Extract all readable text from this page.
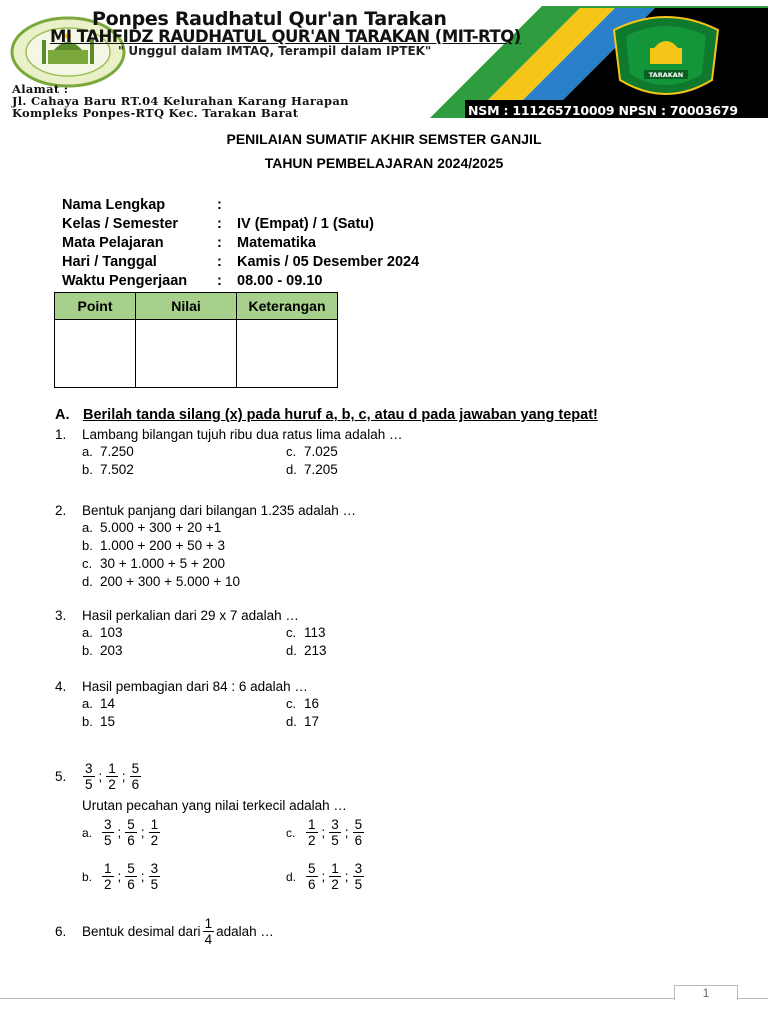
Ponpes Raudhatul Qur'an Tarakan
MI TAHFIDZ RAUDHATUL QUR'AN TARAKAN (MIT-RTQ)
" Unggul dalam IMTAQ, Terampil dalam IPTEK"
Alamat :
Jl. Cahaya Baru RT.04 Kelurahan Karang Harapan
Kompleks Ponpes-RTQ Kec. Tarakan Barat	NSM : 111265710009 NPSN : 70003679
TARAKAN
PENILAIAN SUMATIF AKHIR SEMSTER GANJIL
TAHUN PEMBELAJARAN 2024/2025
Nama Lengkap	:
Kelas / Semester	: IV (Empat) / 1 (Satu)
Mata Pelajaran	: Matematika
Hari / Tanggal	: Kamis / 05 Desember 2024
Waktu Pengerjaan	: 08.00 - 09.10
Point	Nilai	Keterangan

A. Berilah tanda silang (x) pada huruf a, b, c, atau d pada jawaban yang tepat!
1. Lambang bilangan tujuh ribu dua ratus lima adalah …
a. 7.250	c. 7.025
b. 7.502	d. 7.205
2. Bentuk panjang dari bilangan 1.235 adalah …
a. 5.000 + 300 + 20 +1
b. 1.000 + 200 + 50 + 3
c. 30 + 1.000 + 5 + 200
d. 200 + 300 + 5.000 + 10
3. Hasil perkalian dari 29 x 7 adalah …
a. 103	c. 113
b. 203	d. 213
4. Hasil pembagian dari 84 : 6 adalah …
a. 14	c. 16
b. 15	d. 17
5. $\frac{3}{5}$ ; $\frac{1}{2}$ ; $\frac{5}{6}$
Urutan pecahan yang nilai terkecil adalah …
a. $\frac{3}{5}$ ; $\frac{5}{6}$ ; $\frac{1}{2}$
b. $\frac{1}{2}$ ; $\frac{5}{6}$ ; $\frac{3}{5}$
c. $\frac{1}{2}$ ; $\frac{3}{5}$ ; $\frac{5}{6}$
d. $\frac{5}{6}$ ; $\frac{1}{2}$ ; $\frac{3}{5}$
6. Bentuk desimal dari $\frac{1}{4}$ adalah …
1
